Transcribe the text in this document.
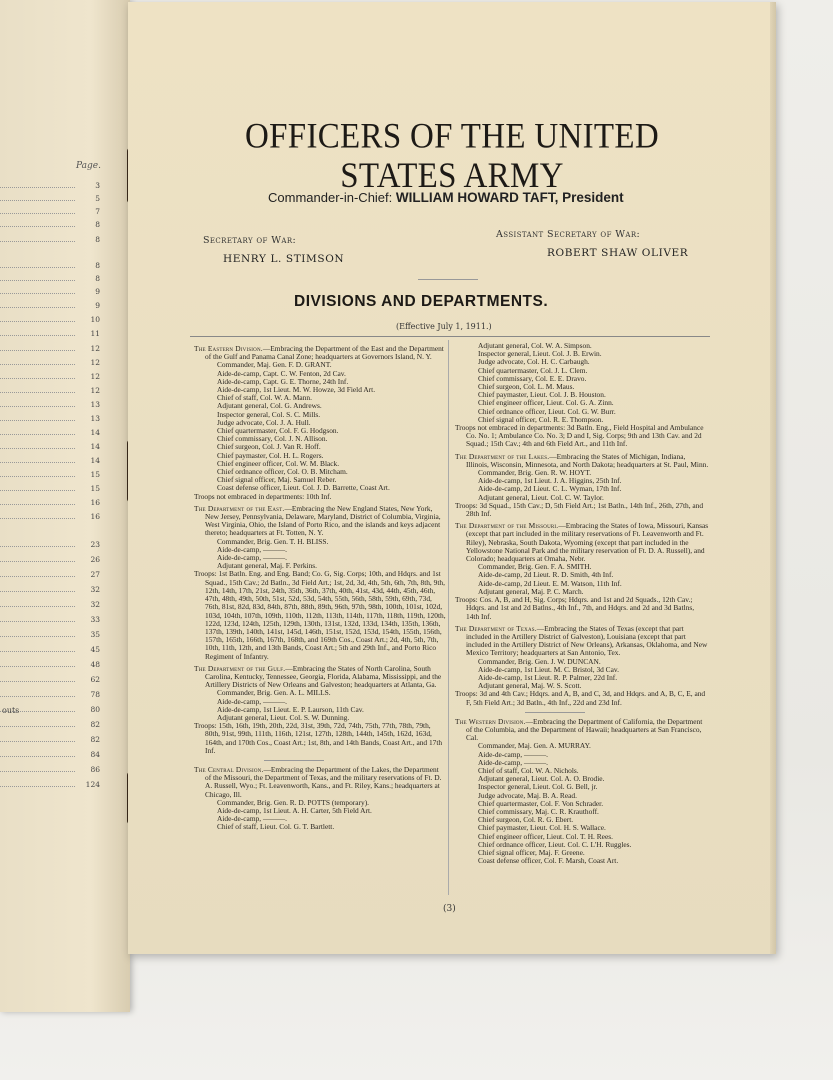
Page.
3
5
7
8
8
8
8
9
9
10
11
12
12
12
12
13
13
14
14
14
15
15
16
16
23
26
27
32
32
33
35
45
48
62
78
80
82
82
84
86
124
outs
OFFICERS OF THE UNITED STATES ARMY
Commander-in-Chief: WILLIAM HOWARD TAFT, President
Secretary of War:
HENRY L. STIMSON
Assistant Secretary of War:
ROBERT SHAW OLIVER
DIVISIONS AND DEPARTMENTS.
(Effective July 1, 1911.)
The Eastern Division.—Embracing the Department of the East and the Department of the Gulf and Panama Canal Zone; headquarters at Governors Island, N. Y.
Commander, Maj. Gen. F. D. GRANT.
Aide-de-camp, Capt. C. W. Fenton, 2d Cav.
Aide-de-camp, Capt. G. E. Thorne, 24th Inf.
Aide-de-camp, 1st Lieut. M. W. Howze, 3d Field Art.
Chief of staff, Col. W. A. Mann.
Adjutant general, Col. G. Andrews.
Inspector general, Col. S. C. Mills.
Judge advocate, Col. J. A. Hull.
Chief quartermaster, Col. F. G. Hodgson.
Chief commissary, Col. J. N. Allison.
Chief surgeon, Col. J. Van R. Hoff.
Chief paymaster, Col. H. L. Rogers.
Chief engineer officer, Col. W. M. Black.
Chief ordnance officer, Col. O. B. Mitcham.
Chief signal officer, Maj. Samuel Reber.
Coast defense officer, Lieut. Col. J. D. Barrette, Coast Art.
Troops not embraced in departments: 10th Inf.
The Department of the East.—Embracing the New England States, New York, New Jersey, Pennsylvania, Delaware, Maryland, District of Columbia, Virginia, West Virginia, Ohio, the Island of Porto Rico, and the islands and keys adjacent thereto; headquarters at Ft. Totten, N. Y.
Commander, Brig. Gen. T. H. BLISS.
Aide-de-camp, ———.
Aide-de-camp, ———.
Adjutant general, Maj. F. Perkins.
Troops: 1st Batln. Eng. and Eng. Band; Co. G, Sig. Corps; 10th, and Hdqrs. and 1st Squad., 15th Cav.; 2d Batln., 3d Field Art.; 1st, 2d, 3d, 4th, 5th, 6th, 7th, 8th, 9th, 12th, 14th, 17th, 21st, 24th, 35th, 36th, 37th, 40th, 41st, 43d, 44th, 45th, 46th, 47th, 48th, 49th, 50th, 51st, 52d, 53d, 54th, 55th, 56th, 58th, 59th, 69th, 73d, 76th, 81st, 82d, 83d, 84th, 87th, 88th, 89th, 96th, 97th, 98th, 100th, 101st, 102d, 103d, 104th, 107th, 109th, 110th, 112th, 113th, 114th, 117th, 118th, 119th, 120th, 122d, 123d, 124th, 125th, 129th, 130th, 131st, 132d, 133d, 134th, 135th, 136th, 137th, 139th, 140th, 141st, 145d, 146th, 151st, 152d, 153d, 154th, 155th, 156th, 157th, 165th, 166th, 167th, 168th, and 169th Cos., Coast Art.; 2d, 4th, 5th, 7th, 10th, 11th, 12th, and 13th Bands, Coast Art.; 5th and 29th Inf., and Porto Rico Regiment of Infantry.
The Department of the Gulf.—Embracing the States of North Carolina, South Carolina, Kentucky, Tennessee, Georgia, Florida, Alabama, Mississippi, and the Artillery Districts of New Orleans and Galveston; headquarters at Atlanta, Ga.
Commander, Brig. Gen. A. L. MILLS.
Aide-de-camp, ———.
Aide-de-camp, 1st Lieut. E. P. Laurson, 11th Cav.
Adjutant general, Lieut. Col. S. W. Dunning.
Troops: 15th, 16th, 19th, 20th, 22d, 31st, 39th, 72d, 74th, 75th, 77th, 78th, 79th, 80th, 91st, 99th, 111th, 116th, 121st, 127th, 128th, 144th, 145th, 162d, 163d, 164th, and 170th Cos., Coast Art.; 1st, 8th, and 14th Bands, Coast Art., and 17th Inf.
The Central Division.—Embracing the Department of the Lakes, the Department of the Missouri, the Department of Texas, and the military reservations of Ft. D. A. Russell, Wyo.; Ft. Leavenworth, Kans., and Ft. Riley, Kans.; headquarters at Chicago, Ill.
Commander, Brig. Gen. R. D. POTTS (temporary).
Aide-de-camp, 1st Lieut. A. H. Carter, 5th Field Art.
Aide-de-camp, ———.
Chief of staff, Lieut. Col. G. T. Bartlett.
Adjutant general, Col. W. A. Simpson.
Inspector general, Lieut. Col. J. B. Erwin.
Judge advocate, Col. H. C. Carbaugh.
Chief quartermaster, Col. J. L. Clem.
Chief commissary, Col. E. E. Dravo.
Chief surgeon, Col. L. M. Maus.
Chief paymaster, Lieut. Col. J. B. Houston.
Chief engineer officer, Lieut. Col. G. A. Zinn.
Chief ordnance officer, Lieut. Col. G. W. Burr.
Chief signal officer, Col. R. E. Thompson.
Troops not embraced in departments: 3d Batln. Eng., Field Hospital and Ambulance Co. No. 1; Ambulance Co. No. 3; D and I, Sig. Corps; 9th and 13th Cav. and 2d Squad.; 15th Cav.; 4th and 6th Field Art., and 11th Inf.
The Department of the Lakes.—Embracing the States of Michigan, Indiana, Illinois, Wisconsin, Minnesota, and North Dakota; headquarters at St. Paul, Minn.
Commander, Brig. Gen. R. W. HOYT.
Aide-de-camp, 1st Lieut. J. A. Higgins, 25th Inf.
Aide-de-camp, 2d Lieut. C. L. Wyman, 17th Inf.
Adjutant general, Lieut. Col. C. W. Taylor.
Troops: 3d Squad., 15th Cav.; D, 5th Field Art.; 1st Batln., 14th Inf., 26th, 27th, and 28th Inf.
The Department of the Missouri.—Embracing the States of Iowa, Missouri, Kansas (except that part included in the military reservations of Ft. Leavenworth and Ft. Riley), Nebraska, South Dakota, Wyoming (except that part included in the Yellowstone National Park and the military reservation of Ft. D. A. Russell), and Colorado; headquarters at Omaha, Nebr.
Commander, Brig. Gen. F. A. SMITH.
Aide-de-camp, 2d Lieut. R. D. Smith, 4th Inf.
Aide-de-camp, 2d Lieut. E. M. Watson, 11th Inf.
Adjutant general, Maj. P. C. March.
Troops: Cos. A, B, and H, Sig. Corps; Hdqrs. and 1st and 2d Squads., 12th Cav.; Hdqrs. and 1st and 2d Batlns., 4th Inf., 7th, and Hdqrs. and 2d and 3d Batlns, 14th Inf.
The Department of Texas.—Embracing the States of Texas (except that part included in the Artillery District of Galveston), Louisiana (except that part included in the Artillery District of New Orleans), Arkansas, Oklahoma, and New Mexico Territory; headquarters at San Antonio, Tex.
Commander, Brig. Gen. J. W. DUNCAN.
Aide-de-camp, 1st Lieut. M. C. Bristol, 3d Cav.
Aide-de-camp, 1st Lieut. R. P. Palmer, 22d Inf.
Adjutant general, Maj. W. S. Scott.
Troops: 3d and 4th Cav.; Hdqrs. and A, B, and C, 3d, and Hdqrs. and A, B, C, E, and F, 5th Field Art.; 3d Batln., 4th Inf., 22d and 23d Inf.
The Western Division.—Embracing the Department of California, the Department of the Columbia, and the Department of Hawaii; headquarters at San Francisco, Cal.
Commander, Maj. Gen. A. MURRAY.
Aide-de-camp, ———.
Aide-de-camp, ———.
Chief of staff, Col. W. A. Nichols.
Adjutant general, Lieut. Col. A. O. Brodie.
Inspector general, Lieut. Col. G. Bell, jr.
Judge advocate, Maj. B. A. Read.
Chief quartermaster, Col. F. Von Schrader.
Chief commissary, Maj. C. R. Krauthoff.
Chief surgeon, Col. R. G. Ebert.
Chief paymaster, Lieut. Col. H. S. Wallace.
Chief engineer officer, Lieut. Col. T. H. Rees.
Chief ordnance officer, Lieut. Col. C. L'H. Ruggles.
Chief signal officer, Maj. F. Greene.
Coast defense officer, Col. F. Marsh, Coast Art.
(3)
